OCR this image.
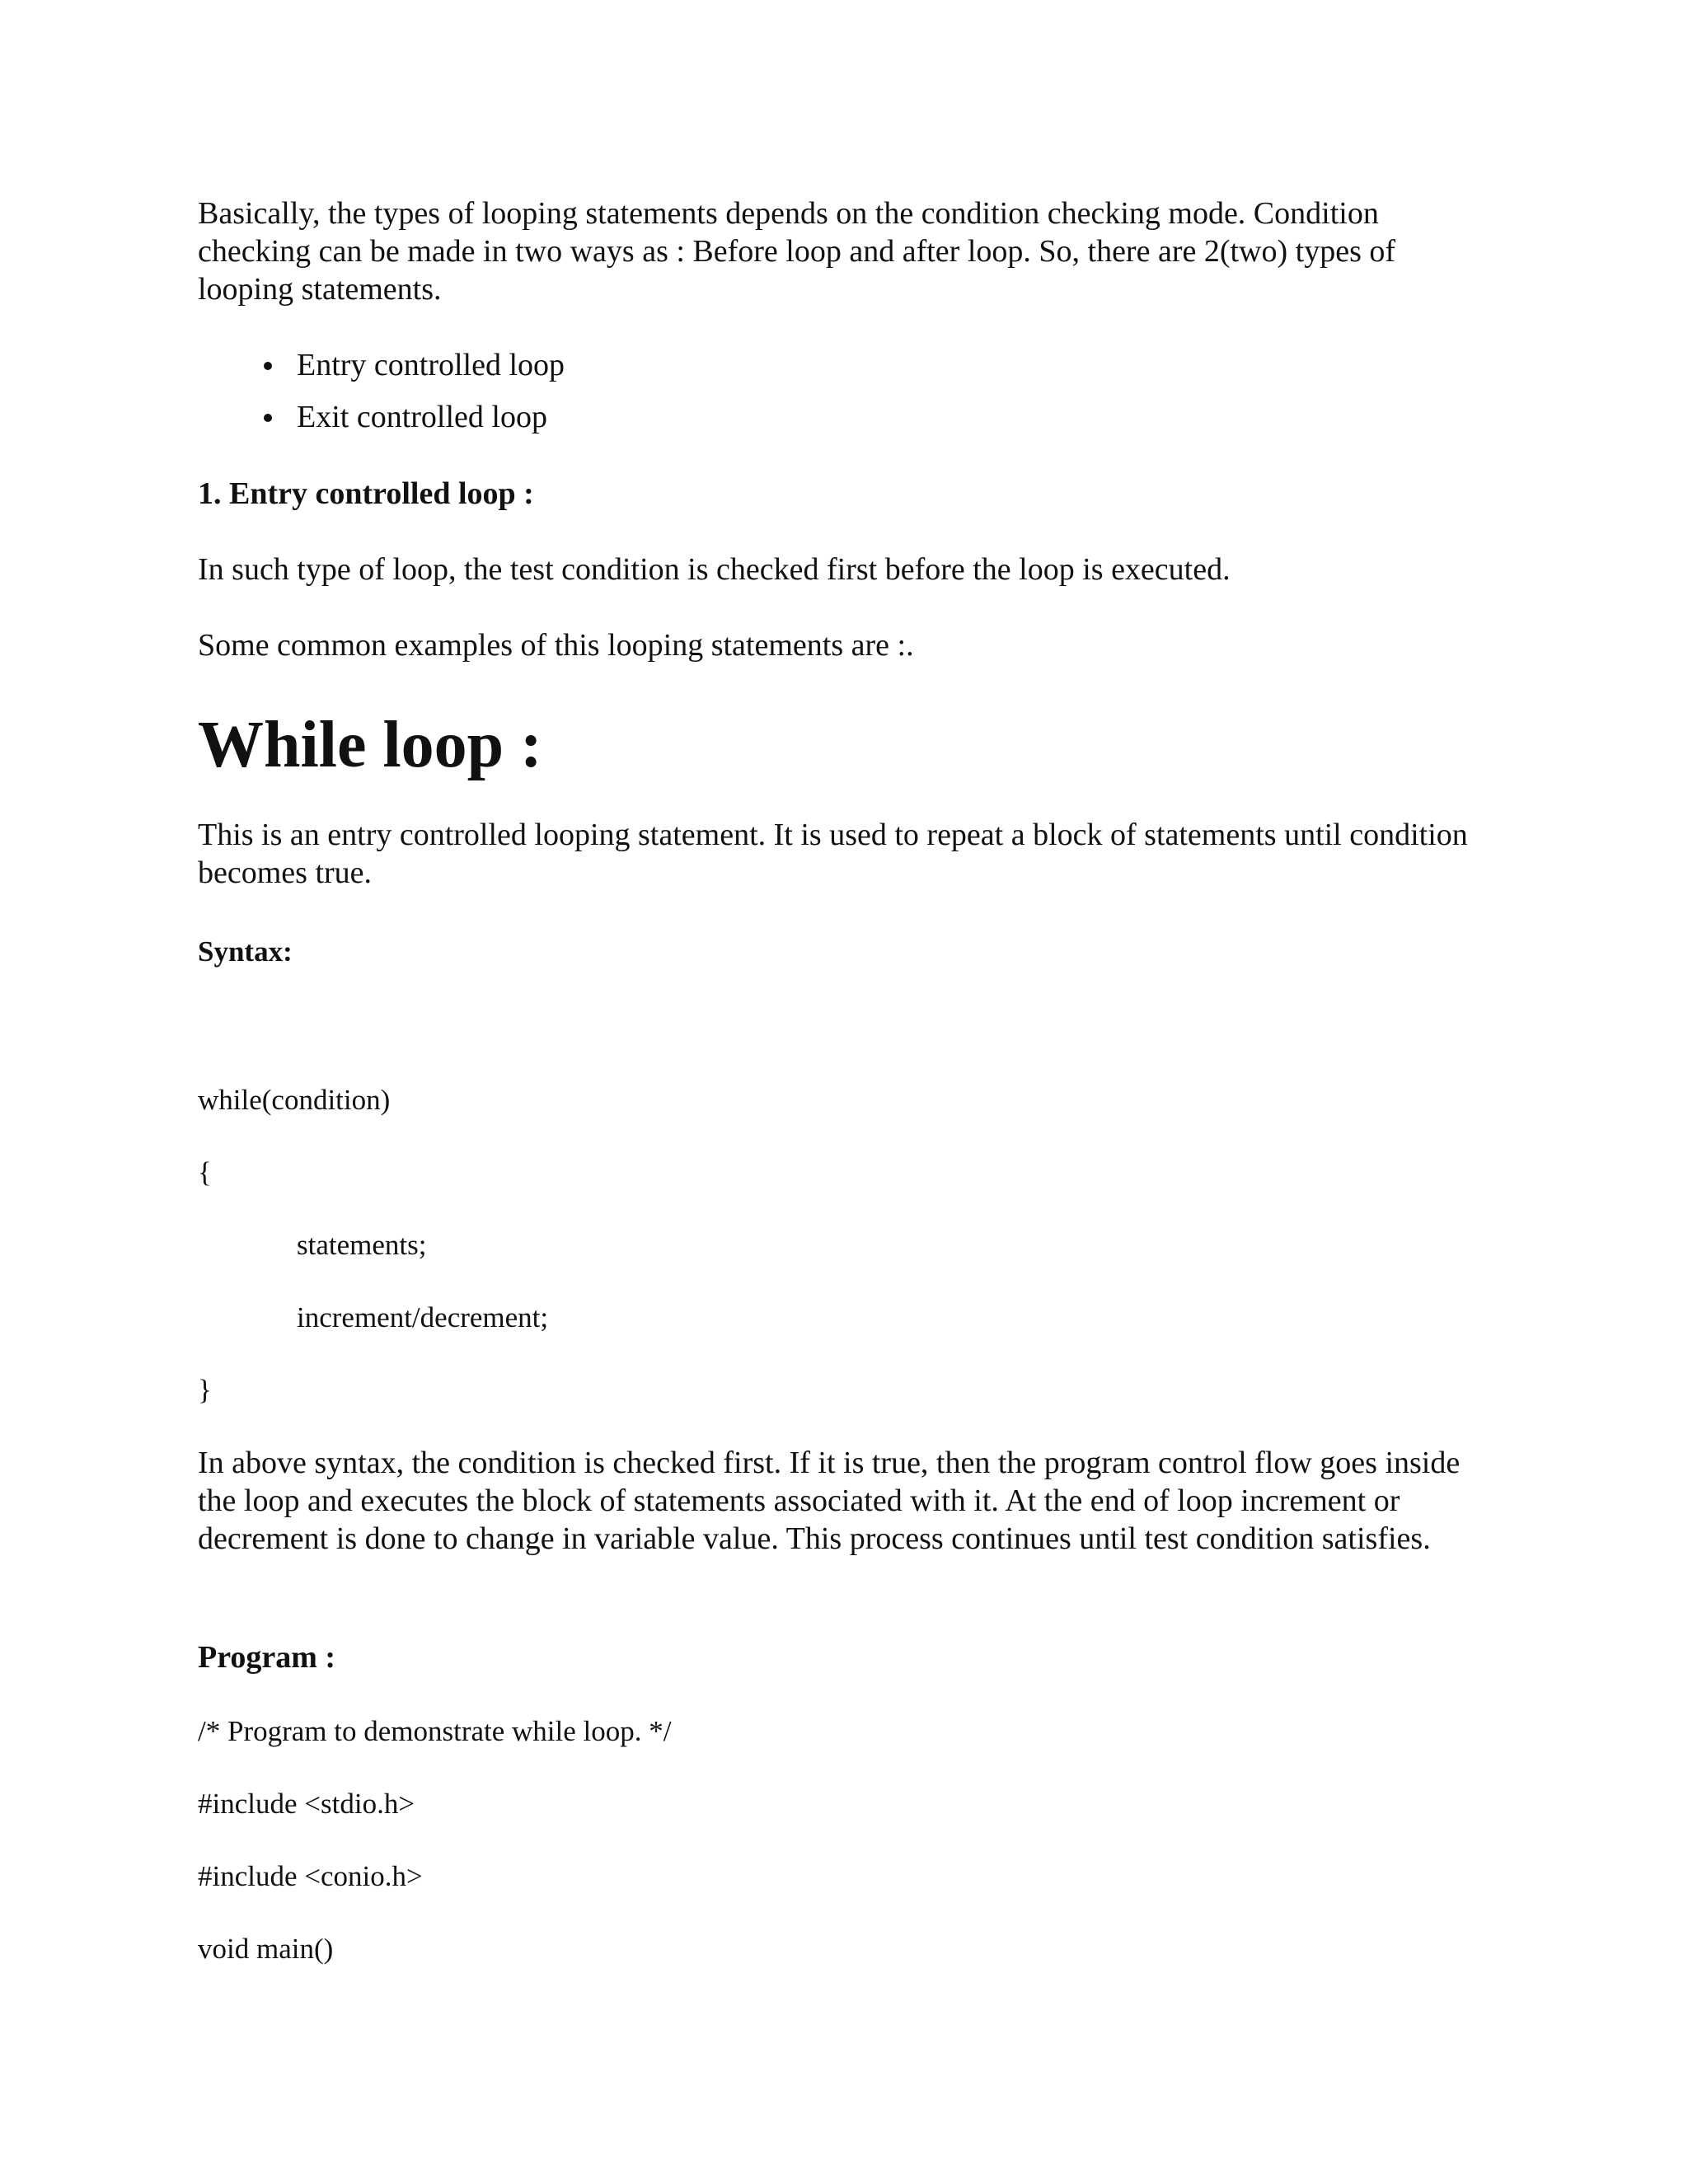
Basically, the types of looping statements depends on the condition checking mode. Condition checking can be made in two ways as : Before loop and after loop. So, there are 2(two) types of looping statements.

Entry controlled loop
Exit controlled loop

1. Entry controlled loop :

In such type of loop, the test condition is checked first before the loop is executed.

Some common examples of this looping statements are :.

While loop :

This is an entry controlled looping statement. It is used to repeat a block of statements until condition becomes true.

Syntax:

while(condition)

{

statements;

increment/decrement;

}

In above syntax, the condition is checked first. If it is true, then the program control flow goes inside the loop and executes the block of statements associated with it. At the end of loop increment or decrement is done to change in variable value. This process continues until test condition satisfies.

Program :

/* Program to demonstrate while loop. */

#include <stdio.h>

#include <conio.h>

void main()
